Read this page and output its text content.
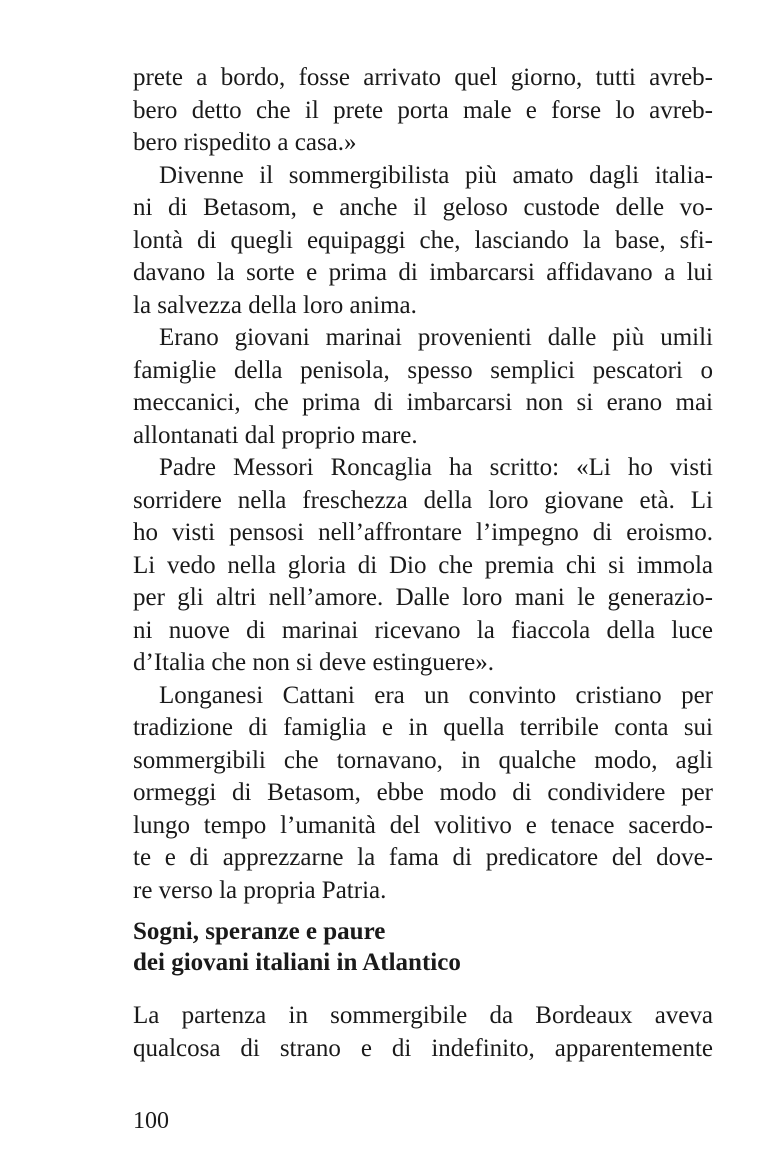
prete a bordo, fosse arrivato quel giorno, tutti avreb-
bero detto che il prete porta male e forse lo avreb-
bero rispedito a casa.»
Divenne il sommergibilista più amato dagli italia-
ni di Betasom, e anche il geloso custode delle vo-
lontà di quegli equipaggi che, lasciando la base, sfi-
davano la sorte e prima di imbarcarsi affidavano a lui
la salvezza della loro anima.
Erano giovani marinai provenienti dalle più umili
famiglie della penisola, spesso semplici pescatori o
meccanici, che prima di imbarcarsi non si erano mai
allontanati dal proprio mare.
Padre Messori Roncaglia ha scritto: «Li ho visti
sorridere nella freschezza della loro giovane età. Li
ho visti pensosi nell’affrontare l’impegno di eroismo.
Li vedo nella gloria di Dio che premia chi si immola
per gli altri nell’amore. Dalle loro mani le generazio-
ni nuove di marinai ricevano la fiaccola della luce
d’Italia che non si deve estinguere».
Longanesi Cattani era un convinto cristiano per
tradizione di famiglia e in quella terribile conta sui
sommergibili che tornavano, in qualche modo, agli
ormeggi di Betasom, ebbe modo di condividere per
lungo tempo l’umanità del volitivo e tenace sacerdo-
te e di apprezzarne la fama di predicatore del dove-
re verso la propria Patria.
Sogni, speranze e paure
dei giovani italiani in Atlantico
La partenza in sommergibile da Bordeaux aveva
qualcosa di strano e di indefinito, apparentemente
100
